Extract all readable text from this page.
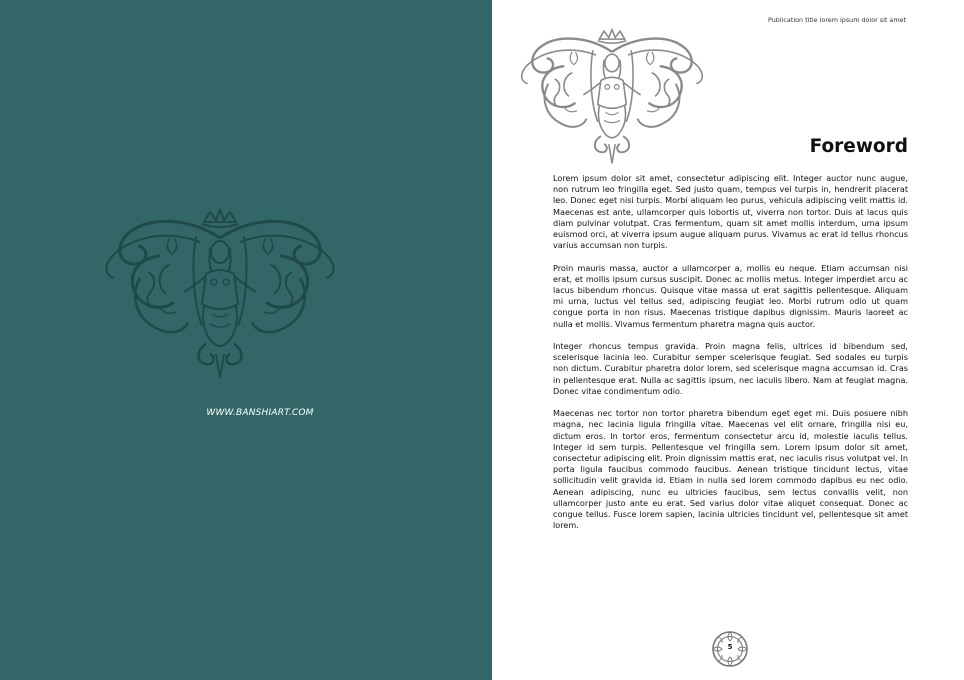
WWW.BANSHIART.COM
Publication title lorem ipsum dolor sit amet
Foreword

Lorem ipsum dolor sit amet, consectetur adipiscing elit. Integer auctor nunc augue, non rutrum leo fringilla eget. Sed justo quam, tempus vel turpis in, hendrerit placerat leo. Donec eget nisi turpis. Morbi aliquam leo purus, vehicula adipiscing velit mattis id. Maecenas est ante, ullamcorper quis lobortis ut, viverra non tortor. Duis at lacus quis diam pulvinar volutpat. Cras fermentum, quam sit amet mollis interdum, urna ipsum euismod orci, at viverra ipsum augue aliquam purus. Vivamus ac erat id tellus rhoncus varius accumsan non turpis.

Proin mauris massa, auctor a ullamcorper a, mollis eu neque. Etiam accumsan nisi erat, et mollis ipsum cursus suscipit. Donec ac mollis metus. Integer imperdiet arcu ac lacus bibendum rhoncus. Quisque vitae massa ut erat sagittis pellentesque. Aliquam mi urna, luctus vel tellus sed, adipiscing feugiat leo. Morbi rutrum odio ut quam congue porta in non risus. Maecenas tristique dapibus dignissim. Mauris laoreet ac nulla et mollis. Vivamus fermentum pharetra magna quis auctor.

Integer rhoncus tempus gravida. Proin magna felis, ultrices id bibendum sed, scelerisque lacinia leo. Curabitur semper scelerisque feugiat. Sed sodales eu turpis non dictum. Curabitur pharetra dolor lorem, sed scelerisque magna accumsan id. Cras in pellentesque erat. Nulla ac sagittis ipsum, nec iaculis libero. Nam at feugiat magna. Donec vitae condimentum odio.

Maecenas nec tortor non tortor pharetra bibendum eget eget mi. Duis posuere nibh magna, nec lacinia ligula fringilla vitae. Maecenas vel elit ornare, fringilla nisi eu, dictum eros. In tortor eros, fermentum consectetur arcu id, molestie iaculis tellus. Integer id sem turpis. Pellentesque vel fringilla sem. Lorem ipsum dolor sit amet, consectetur adipiscing elit. Proin dignissim mattis erat, nec iaculis risus volutpat vel. In porta ligula faucibus commodo faucibus. Aenean tristique tincidunt lectus, vitae sollicitudin velit gravida id. Etiam in nulla sed lorem commodo dapibus eu nec odio. Aenean adipiscing, nunc eu ultricies faucibus, sem lectus convallis velit, non ullamcorper justo ante eu erat. Sed varius dolor vitae aliquet consequat. Donec ac congue tellus. Fusce lorem sapien, lacinia ultricies tincidunt vel, pellentesque sit amet lorem.

5
